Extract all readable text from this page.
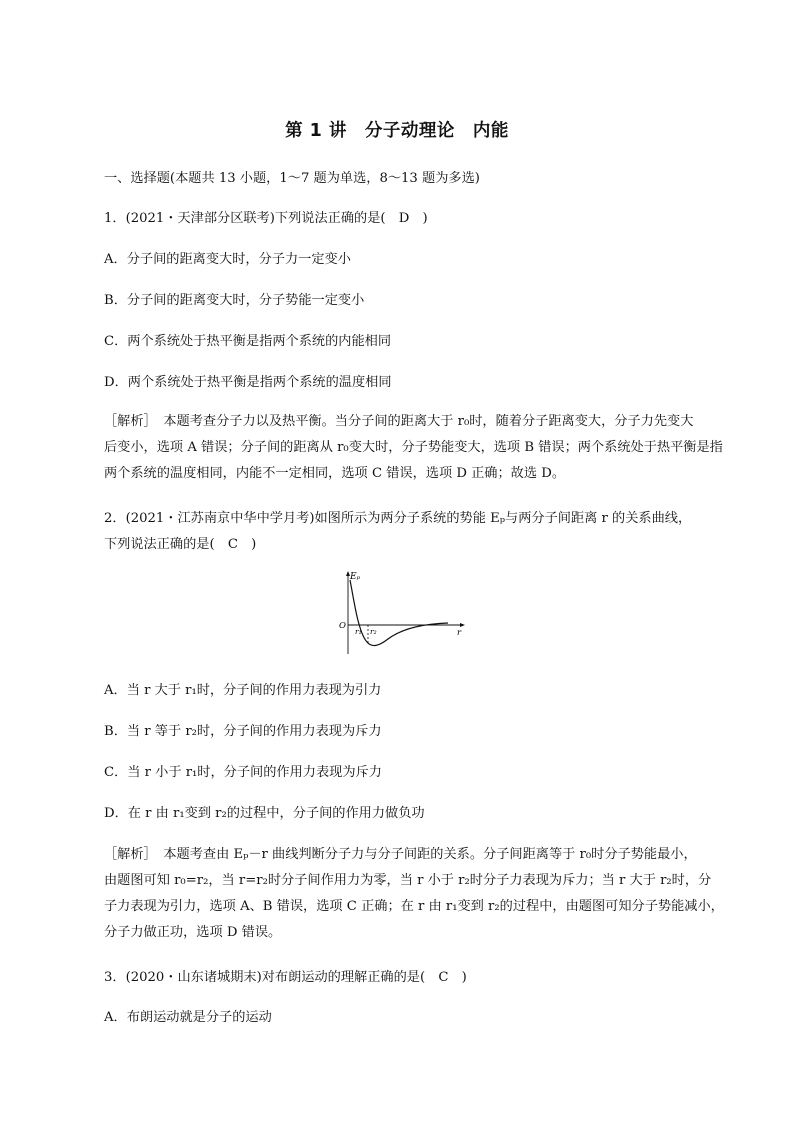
第 1 讲　分子动理论　内能
一、选择题(本题共 13 小题，1～7 题为单选，8～13 题为多选)
1．(2021・天津部分区联考)下列说法正确的是(　D　)
A．分子间的距离变大时，分子力一定变小
B．分子间的距离变大时，分子势能一定变小
C．两个系统处于热平衡是指两个系统的内能相同
D．两个系统处于热平衡是指两个系统的温度相同
［解析］　本题考查分子力以及热平衡。当分子间的距离大于 r₀时，随着分子距离变大，分子力先变大
后变小，选项 A 错误；分子间的距离从 r₀变大时，分子势能变大，选项 B 错误；两个系统处于热平衡是指
两个系统的温度相同，内能不一定相同，选项 C 错误，选项 D 正确；故选 D。
2．(2021・江苏南京中华中学月考)如图所示为两分子系统的势能 Eₚ与两分子间距离 r 的关系曲线，
下列说法正确的是(　C　)
Eₚ
O
r
r₁ r₂
A．当 r 大于 r₁时，分子间的作用力表现为引力
B．当 r 等于 r₂时，分子间的作用力表现为斥力
C．当 r 小于 r₁时，分子间的作用力表现为斥力
D．在 r 由 r₁变到 r₂的过程中，分子间的作用力做负功
［解析］　本题考查由 Eₚ－r 曲线判断分子力与分子间距的关系。分子间距离等于 r₀时分子势能最小，
由题图可知 r₀=r₂，当 r=r₂时分子间作用力为零，当 r 小于 r₂时分子力表现为斥力；当 r 大于 r₂时，分
子力表现为引力，选项 A、B 错误，选项 C 正确；在 r 由 r₁变到 r₂的过程中，由题图可知分子势能减小，
分子力做正功，选项 D 错误。
3．(2020・山东诸城期末)对布朗运动的理解正确的是(　C　)
A．布朗运动就是分子的运动
